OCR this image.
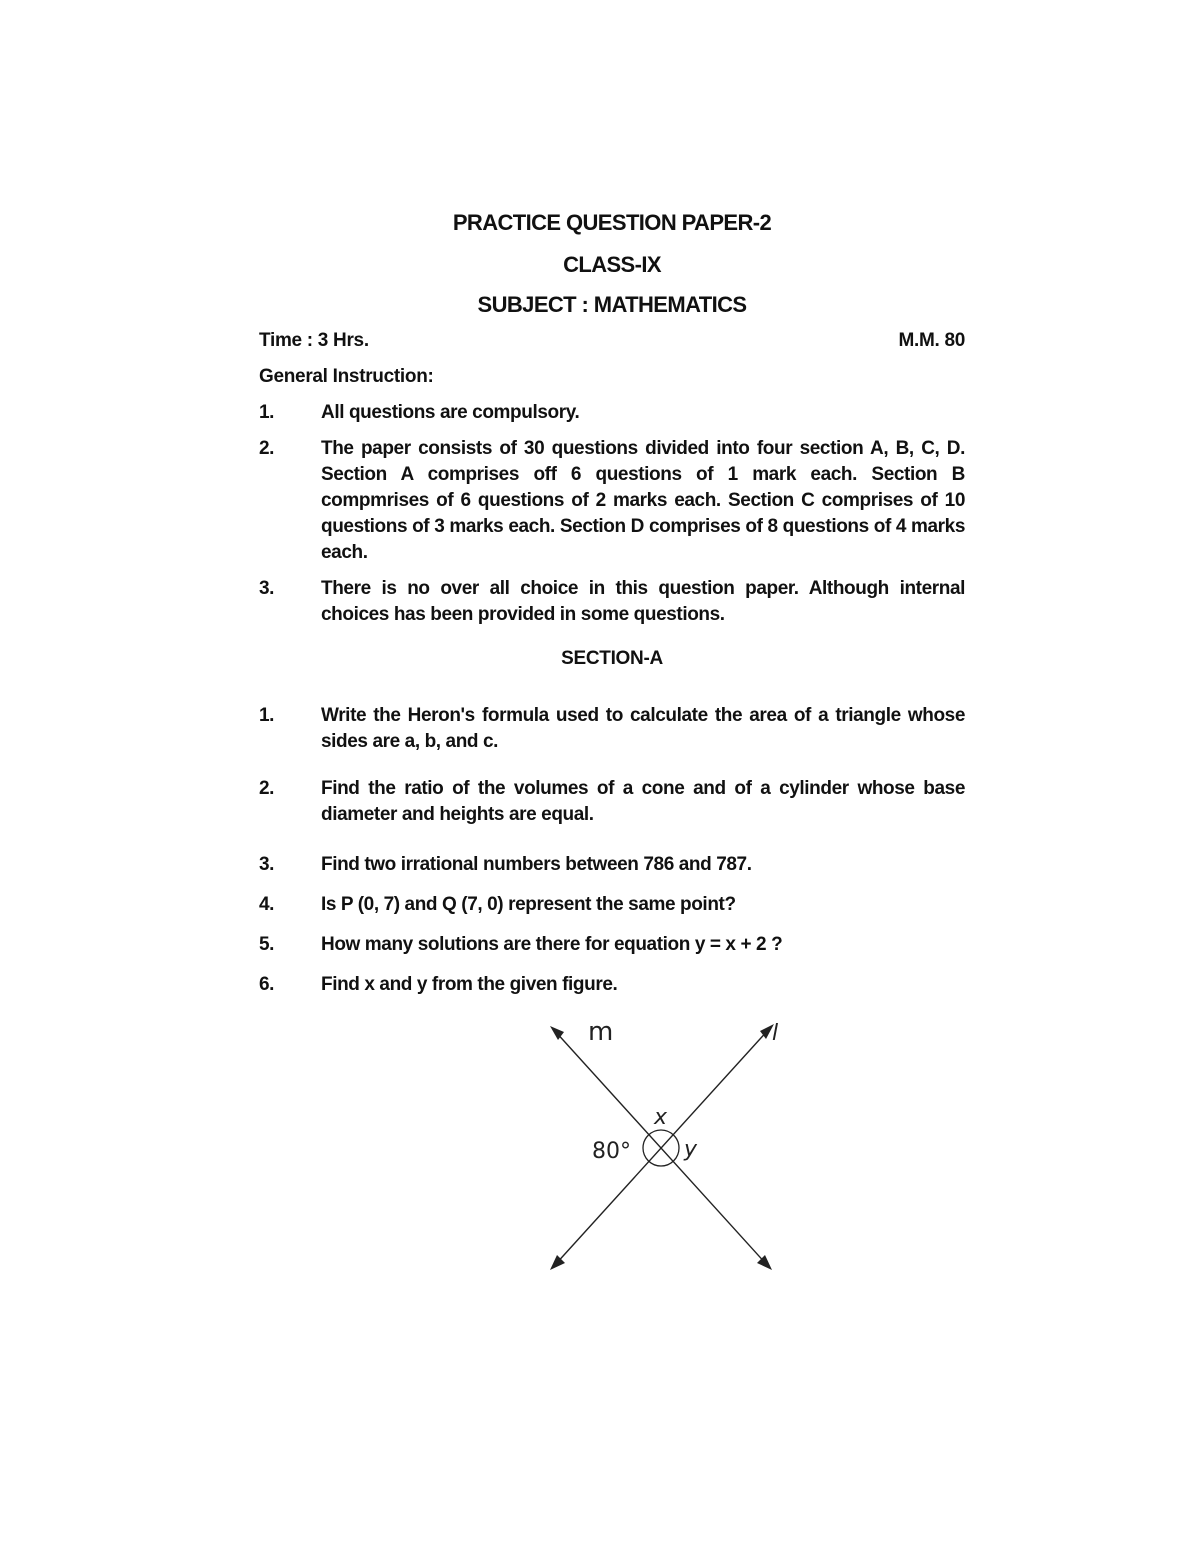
PRACTICE QUESTION PAPER-2
CLASS-IX
SUBJECT : MATHEMATICS
Time : 3 Hrs.	M.M. 80
General Instruction:
1. All questions are compulsory.
2. The paper consists of 30 questions divided into four section A, B, C, D. Section A comprises off 6 questions of 1 mark each. Section B compmrises of 6 questions of 2 marks each. Section C comprises of 10 questions of 3 marks each. Section D comprises of 8 questions of 4 marks each.
3. There is no over all choice in this question paper. Although internal choices has been provided in some questions.
SECTION-A
1. Write the Heron's formula used to calculate the area of a triangle whose sides are a, b, and c.
2. Find the ratio of the volumes of a cone and of a cylinder whose base diameter and heights are equal.
3. Find two irrational numbers between 786 and 787.
4. Is P (0, 7) and Q (7, 0) represent the same point?
5. How many solutions are there for equation y = x + 2 ?
6. Find x and y from the given figure.
m	l
x
y
80°
